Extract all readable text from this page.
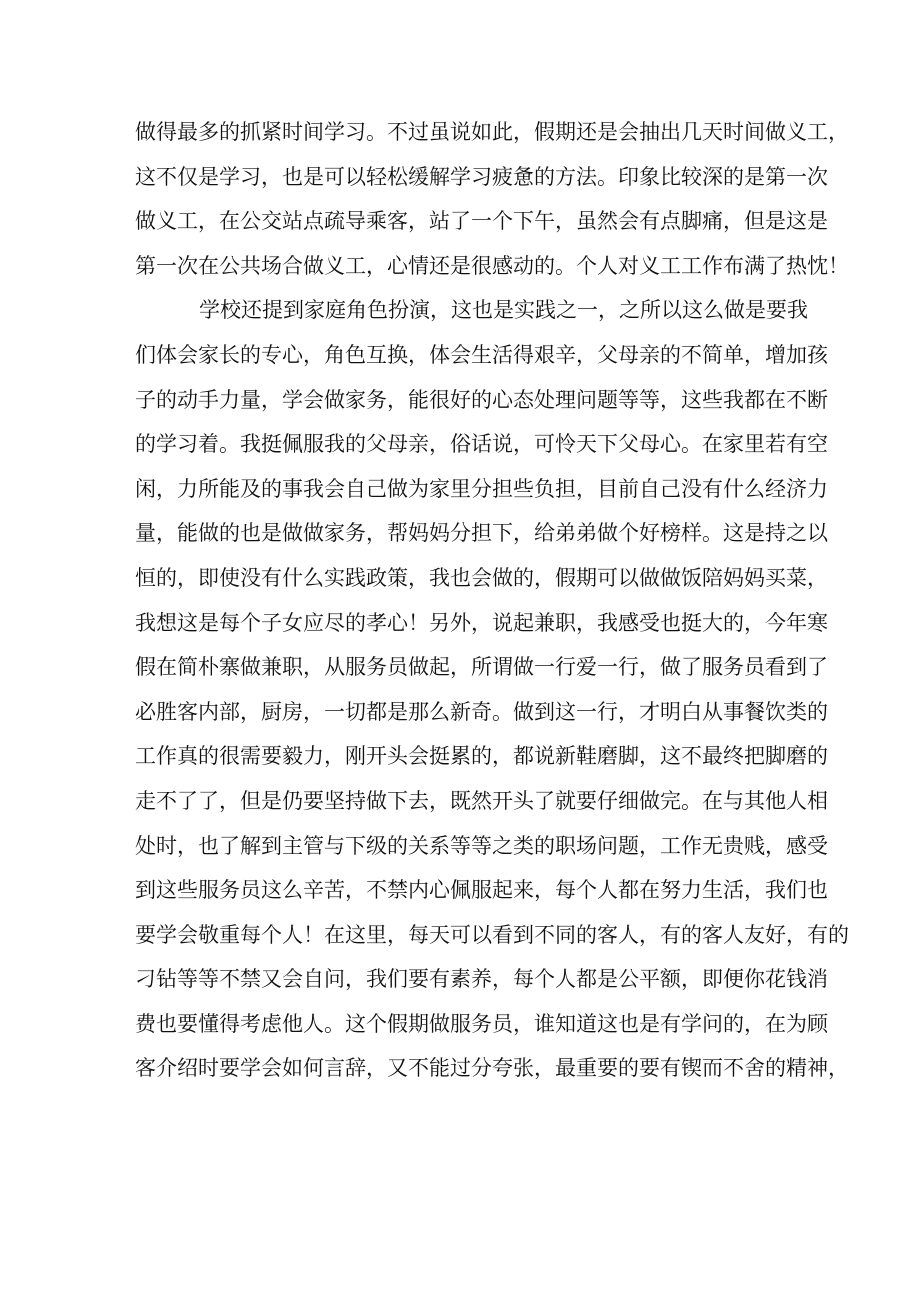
做得最多的抓紧时间学习。不过虽说如此，假期还是会抽出几天时间做义工，
这不仅是学习，也是可以轻松缓解学习疲惫的方法。印象比较深的是第一次
做义工，在公交站点疏导乘客，站了一个下午，虽然会有点脚痛，但是这是
第一次在公共场合做义工，心情还是很感动的。个人对义工工作布满了热忱！
学校还提到家庭角色扮演，这也是实践之一，之所以这么做是要我
们体会家长的专心，角色互换，体会生活得艰辛，父母亲的不简单，增加孩
子的动手力量，学会做家务，能很好的心态处理问题等等，这些我都在不断
的学习着。我挺佩服我的父母亲，俗话说，可怜天下父母心。在家里若有空
闲，力所能及的事我会自己做为家里分担些负担，目前自己没有什么经济力
量，能做的也是做做家务，帮妈妈分担下，给弟弟做个好榜样。这是持之以
恒的，即使没有什么实践政策，我也会做的，假期可以做做饭陪妈妈买菜，
我想这是每个子女应尽的孝心！另外，说起兼职，我感受也挺大的，今年寒
假在简朴寨做兼职，从服务员做起，所谓做一行爱一行，做了服务员看到了
必胜客内部，厨房，一切都是那么新奇。做到这一行，才明白从事餐饮类的
工作真的很需要毅力，刚开头会挺累的，都说新鞋磨脚，这不最终把脚磨的
走不了了，但是仍要坚持做下去，既然开头了就要仔细做完。在与其他人相
处时，也了解到主管与下级的关系等等之类的职场问题，工作无贵贱，感受
到这些服务员这么辛苦，不禁内心佩服起来，每个人都在努力生活，我们也
要学会敬重每个人！在这里，每天可以看到不同的客人，有的客人友好，有的
刁钻等等不禁又会自问，我们要有素养，每个人都是公平额，即便你花钱消
费也要懂得考虑他人。这个假期做服务员，谁知道这也是有学问的，在为顾
客介绍时要学会如何言辞，又不能过分夸张，最重要的要有锲而不舍的精神，
